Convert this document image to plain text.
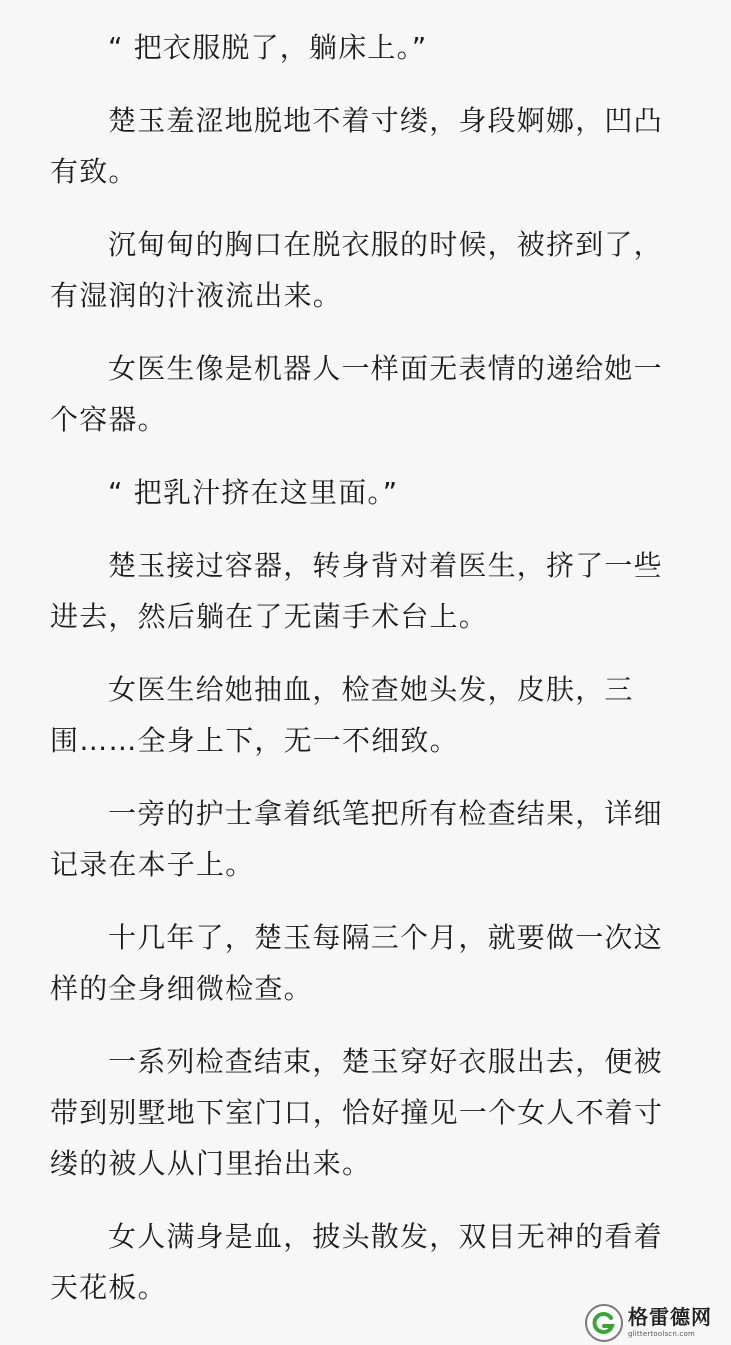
“ 把衣服脱了，躺床上。”

楚玉羞涩地脱地不着寸缕，身段婀娜，凹凸有致。

沉甸甸的胸口在脱衣服的时候，被挤到了，有湿润的汁液流出来。

女医生像是机器人一样面无表情的递给她一个容器。

“ 把乳汁挤在这里面。”

楚玉接过容器，转身背对着医生，挤了一些进去，然后躺在了无菌手术台上。

女医生给她抽血，检查她头发，皮肤，三围……全身上下，无一不细致。

一旁的护士拿着纸笔把所有检查结果，详细记录在本子上。

十几年了，楚玉每隔三个月，就要做一次这样的全身细微检查。

一系列检查结束，楚玉穿好衣服出去，便被带到别墅地下室门口，恰好撞见一个女人不着寸缕的被人从门里抬出来。

女人满身是血，披头散发，双目无神的看着天花板。

格雷德网
glittertoolscn.com
